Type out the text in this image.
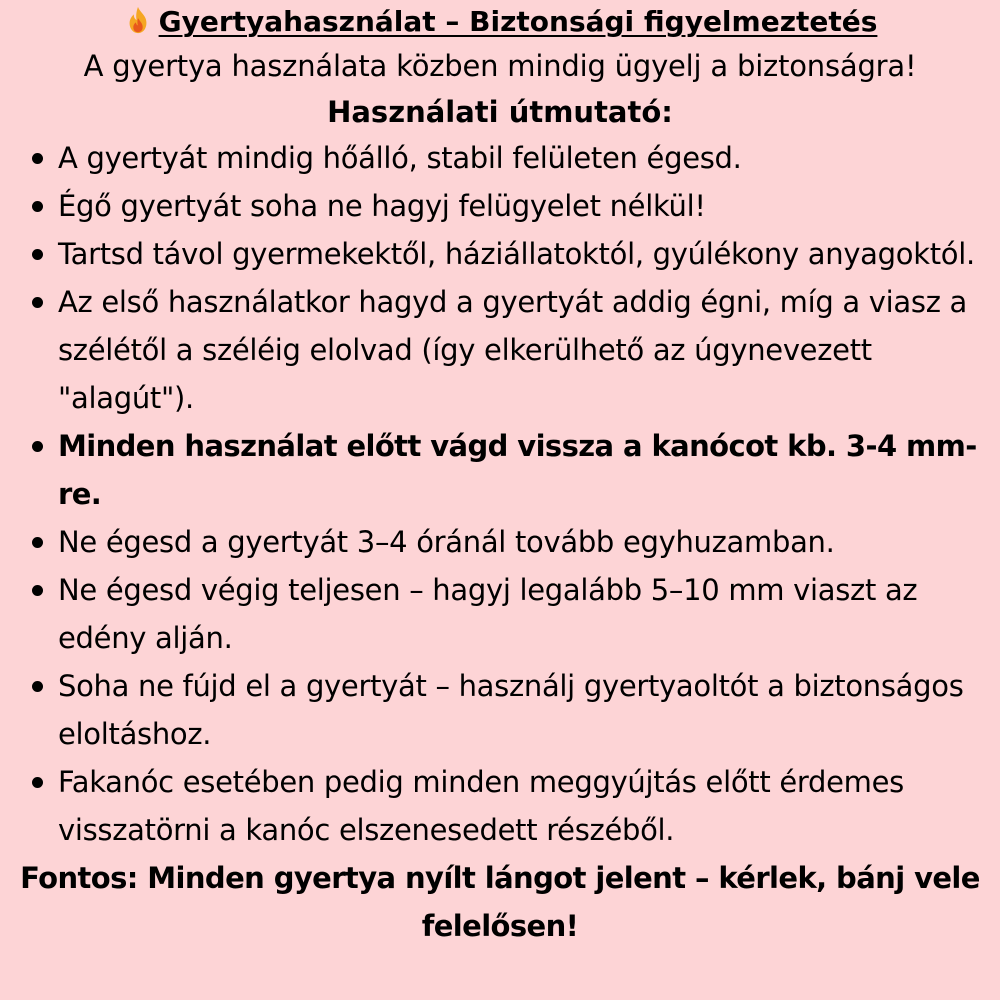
Gyertyahasználat – Biztonsági figyelmeztetés

A gyertya használata közben mindig ügyelj a biztonságra!

Használati útmutató:
A gyertyát mindig hőálló, stabil felületen égesd.
Égő gyertyát soha ne hagyj felügyelet nélkül!
Tartsd távol gyermekektől, háziállatoktól, gyúlékony anyagoktól.
Az első használatkor hagyd a gyertyát addig égni, míg a viasz a szélétől a széléig elolvad (így elkerülhető az úgynevezett "alagút").
Minden használat előtt vágd vissza a kanócot kb. 3-4 mm-re.
Ne égesd a gyertyát 3–4 óránál tovább egyhuzamban.
Ne égesd végig teljesen – hagyj legalább 5–10 mm viaszt az edény alján.
Soha ne fújd el a gyertyát – használj gyertyaoltót a biztonságos eloltáshoz.
Fakanóc esetében pedig minden meggyújtás előtt érdemes visszatörni a kanóc elszenesedett részéből.

Fontos: Minden gyertya nyílt lángot jelent – kérlek, bánj vele felelősen!
